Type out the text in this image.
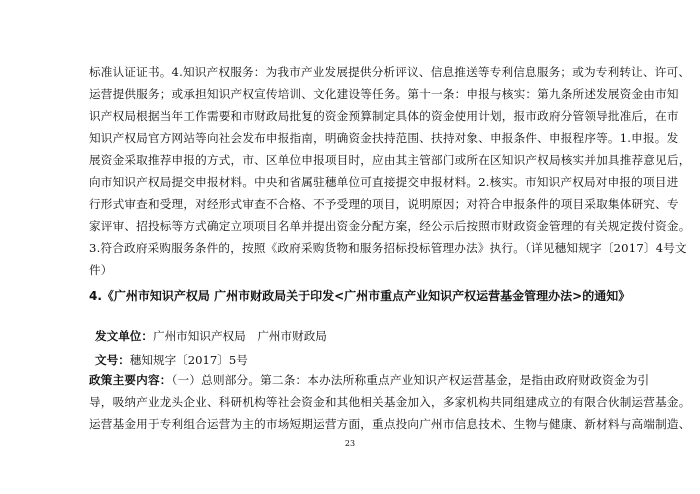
标准认证证书。4.知识产权服务：为我市产业发展提供分析评议、信息推送等专利信息服务；或为专利转让、许可、
运营提供服务；或承担知识产权宣传培训、文化建设等任务。第十一条：申报与核实：第九条所述发展资金由市知
识产权局根据当年工作需要和市财政局批复的资金预算制定具体的资金使用计划，报市政府分管领导批准后，在市
知识产权局官方网站等向社会发布申报指南，明确资金扶持范围、扶持对象、申报条件、申报程序等。1.申报。发
展资金采取推荐申报的方式，市、区单位申报项目时，应由其主管部门或所在区知识产权局核实并加具推荐意见后，
向市知识产权局提交申报材料。中央和省属驻穗单位可直接提交申报材料。2.核实。市知识产权局对申报的项目进
行形式审查和受理，对经形式审查不合格、不予受理的项目，说明原因；对符合申报条件的项目采取集体研究、专
家评审、招投标等方式确定立项项目名单并提出资金分配方案，经公示后按照市财政资金管理的有关规定拨付资金。
3.符合政府采购服务条件的，按照《政府采购货物和服务招标投标管理办法》执行。（详见穗知规字〔2017〕4号文
件）

4.《广州市知识产权局 广州市财政局关于印发<广州市重点产业知识产权运营基金管理办法>的通知》

发文单位：广州市知识产权局　广州市财政局

文号：穗知规字〔2017〕5号

政策主要内容：（一）总则部分。第二条：本办法所称重点产业知识产权运营基金，是指由政府财政资金为引
导，吸纳产业龙头企业、科研机构等社会资金和其他相关基金加入，多家机构共同组建成立的有限合伙制运营基金。
运营基金用于专利组合运营为主的市场短期运营方面，重点投向广州市信息技术、生物与健康、新材料与高端制造、
23
